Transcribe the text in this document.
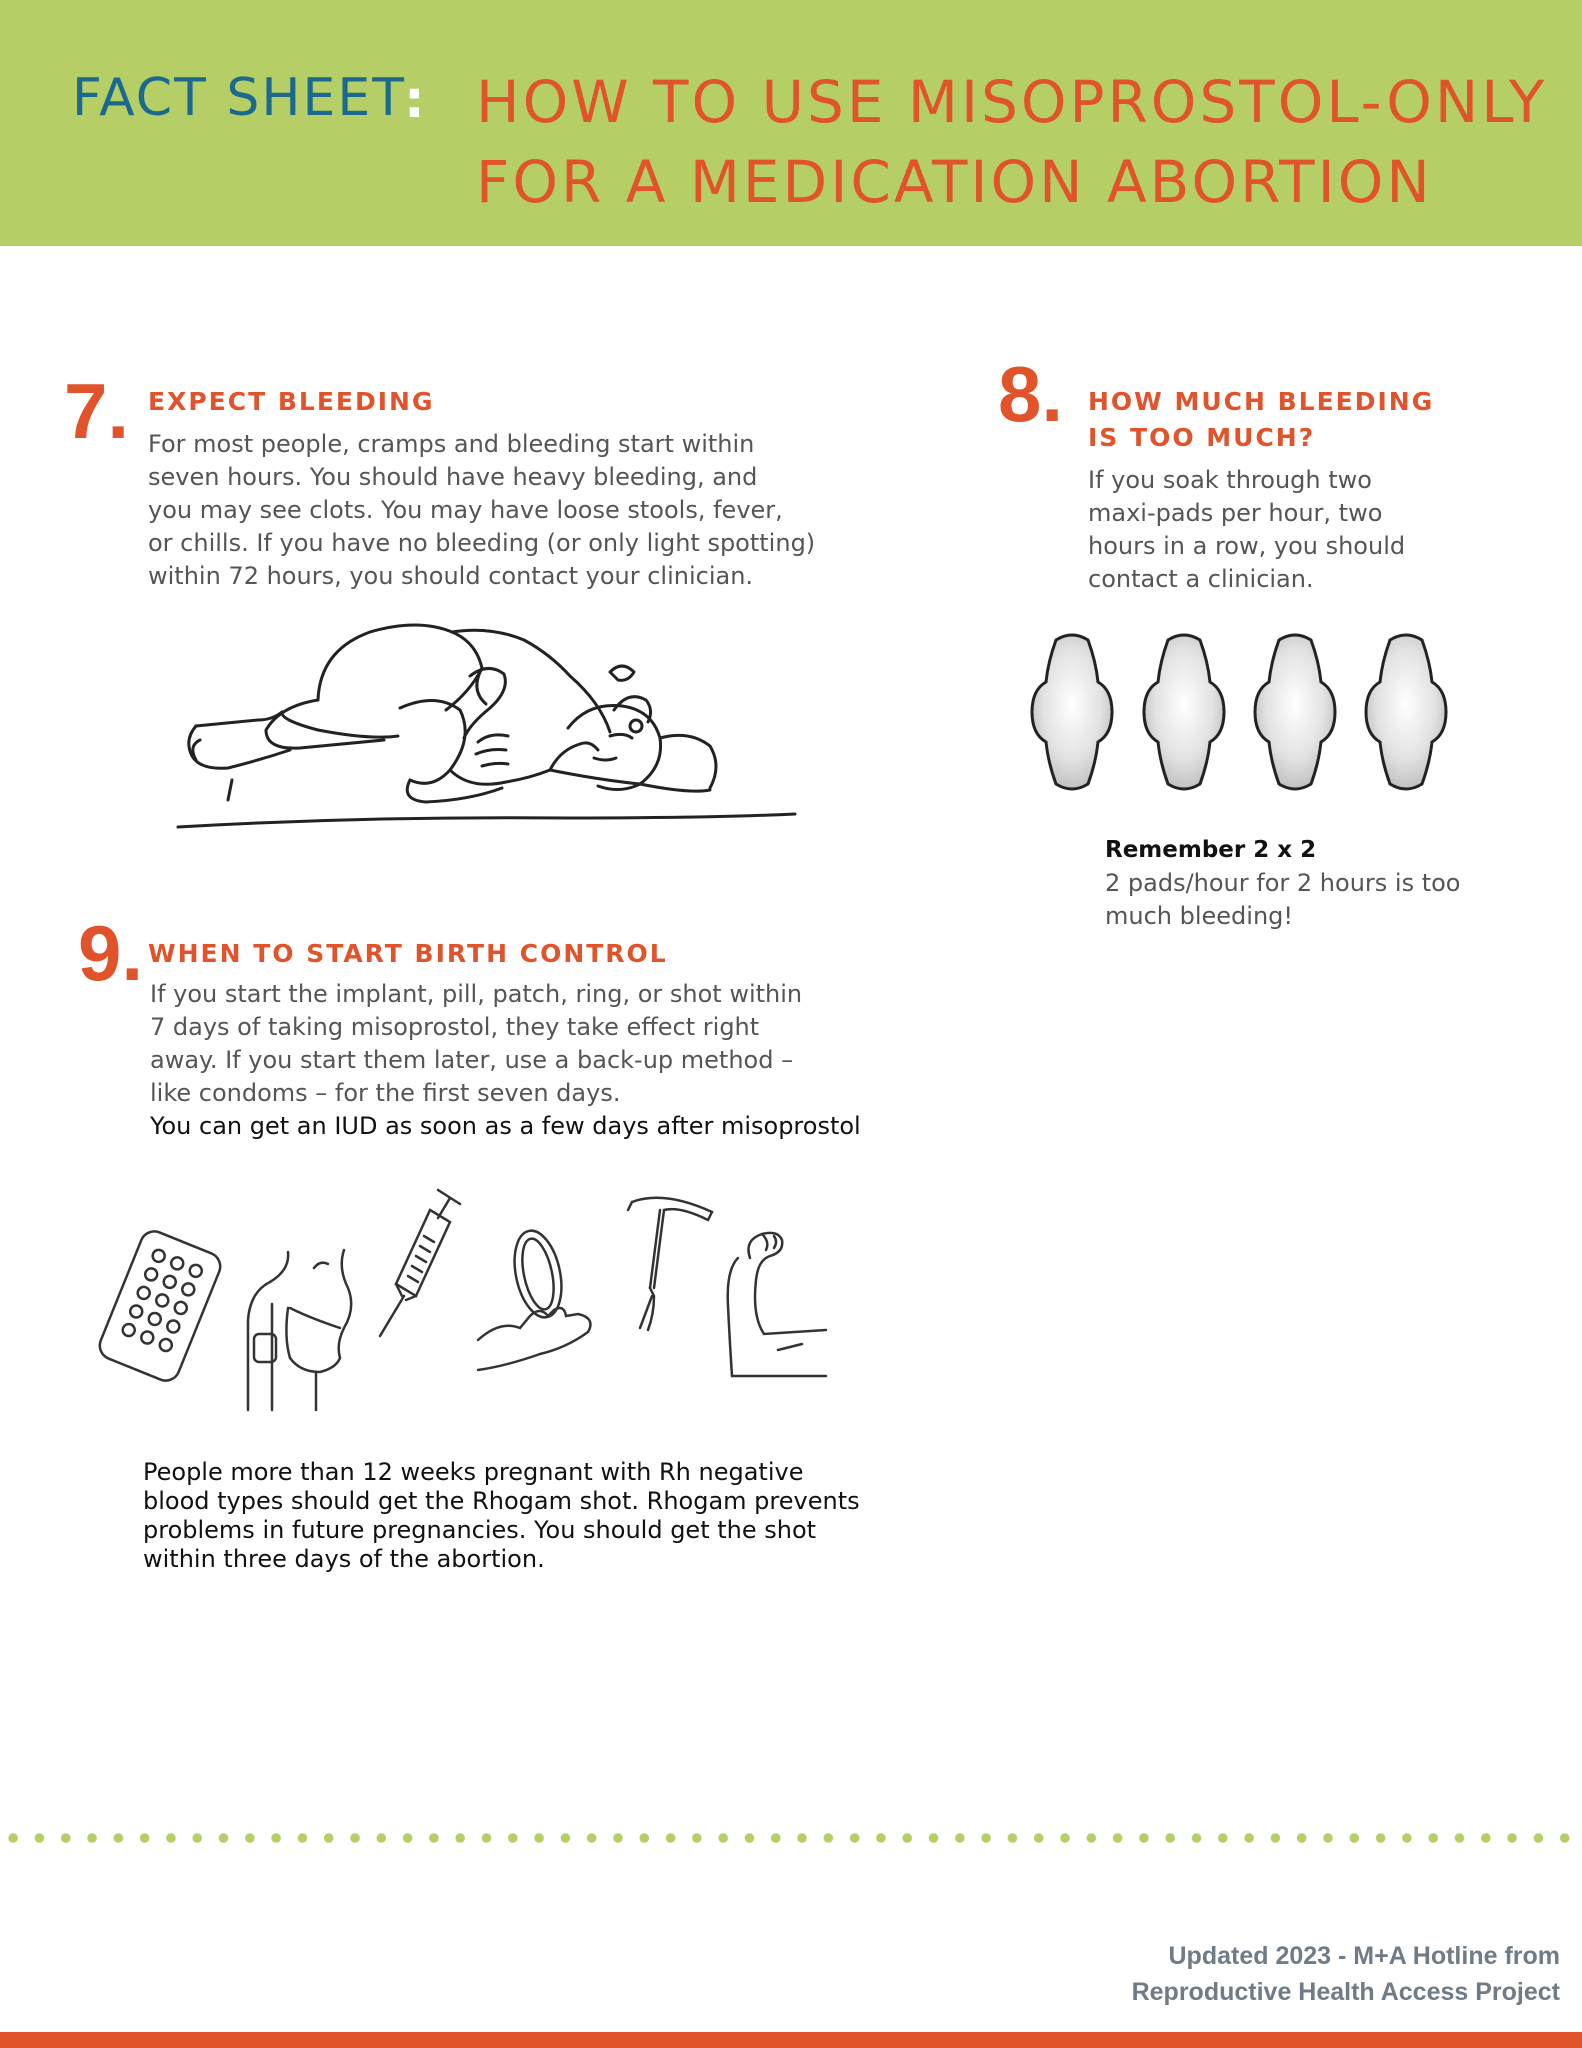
FACT SHEET
: HOW TO USE MISOPROSTOL-ONLY
FOR A MEDICATION ABORTION
7. EXPECT BLEEDING
For most people, cramps and bleeding start within
seven hours. You should have heavy bleeding, and
you may see clots. You may have loose stools, fever,
or chills. If you have no bleeding (or only light spotting)
within 72 hours, you should contact your clinician.
8. HOW MUCH BLEEDING
IS TOO MUCH?
If you soak through two
maxi-pads per hour, two
hours in a row, you should
contact a clinician.
Remember 2 x 2
2 pads/hour for 2 hours is too
much bleeding!
9. WHEN TO START BIRTH CONTROL
If you start the implant, pill, patch, ring, or shot within
7 days of taking misoprostol, they take effect right
away. If you start them later, use a back-up method –
like condoms – for the first seven days.
You can get an IUD as soon as a few days after misoprostol
People more than 12 weeks pregnant with Rh negative
blood types should get the Rhogam shot. Rhogam prevents
problems in future pregnancies. You should get the shot
within three days of the abortion.
Updated 2023 - M+A Hotline from
Reproductive Health Access Project
